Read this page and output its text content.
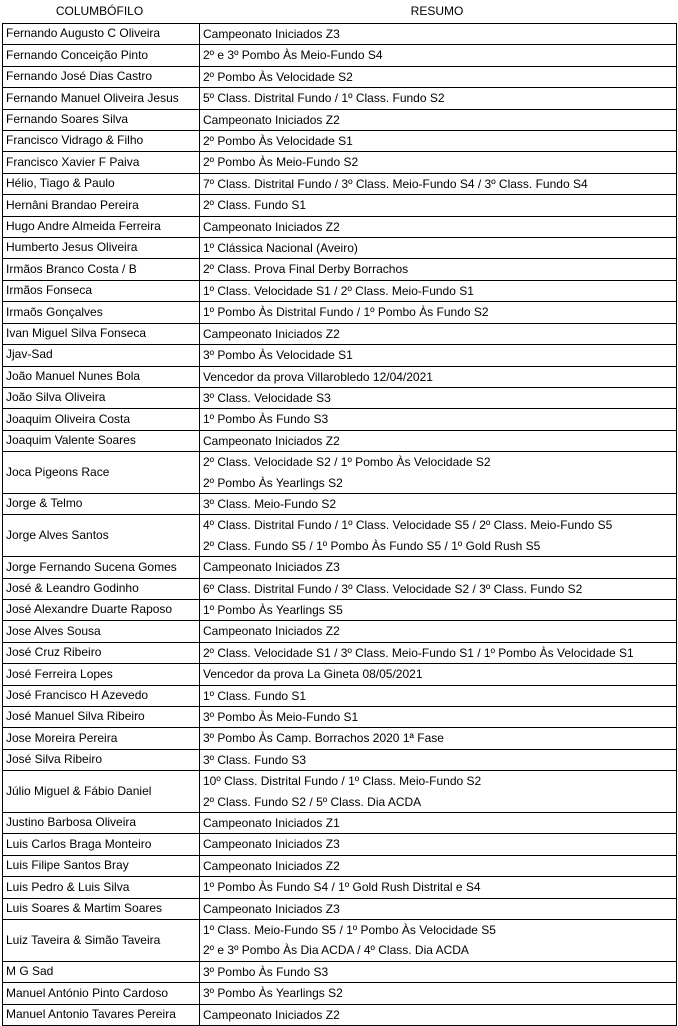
COLUMBÓFILO	RESUMO
Fernando Augusto C Oliveira	Campeonato Iniciados Z3

Fernando Conceição Pinto	2º e 3º Pombo Às Meio-Fundo S4

Fernando José Dias Castro	2º Pombo Às Velocidade S2

Fernando Manuel Oliveira Jesus	5º Class. Distrital Fundo / 1º Class. Fundo S2

Fernando Soares Silva	Campeonato Iniciados Z2

Francisco Vidrago & Filho	2º Pombo Às Velocidade S1

Francisco Xavier F Paiva	2º Pombo Às Meio-Fundo S2

Hélio, Tiago & Paulo	7º Class. Distrital Fundo / 3º Class. Meio-Fundo S4 / 3º Class. Fundo S4

Hernâni Brandao Pereira	2º Class. Fundo S1

Hugo Andre Almeida Ferreira	Campeonato Iniciados Z2

Humberto Jesus Oliveira	1º Clássica Nacional (Aveiro)

Irmãos Branco Costa / B	2º Class. Prova Final Derby Borrachos

Irmãos Fonseca	1º Class. Velocidade S1 / 2º Class. Meio-Fundo S1

Irmaõs Gonçalves	1º Pombo Às Distrital Fundo / 1º Pombo Às Fundo S2

Ivan Miguel Silva Fonseca	Campeonato Iniciados Z2

Jjav-Sad	3º Pombo Às Velocidade S1

João Manuel Nunes Bola	Vencedor da prova Villarobledo 12/04/2021

João Silva Oliveira	3º Class. Velocidade S3

Joaquim Oliveira Costa	1º Pombo Às Fundo S3

Joaquim Valente Soares	Campeonato Iniciados Z2

Joca Pigeons Race	2º Class. Velocidade S2 / 1º Pombo Às Velocidade S2
2º Pombo Às Yearlings S2

Jorge & Telmo	3º Class. Meio-Fundo S2

Jorge Alves Santos	4º Class. Distrital Fundo / 1º Class. Velocidade S5 / 2º Class. Meio-Fundo S5
2º Class. Fundo S5 / 1º Pombo Às Fundo S5 / 1º Gold Rush S5

Jorge Fernando Sucena Gomes	Campeonato Iniciados Z3

José & Leandro Godinho	6º Class. Distrital Fundo / 3º Class. Velocidade S2 / 3º Class. Fundo S2

José Alexandre Duarte Raposo	1º Pombo Às Yearlings S5

Jose Alves Sousa	Campeonato Iniciados Z2

José Cruz Ribeiro	2º Class. Velocidade S1 / 3º Class. Meio-Fundo S1 / 1º Pombo Às Velocidade S1

José Ferreira Lopes	Vencedor da prova La Gineta 08/05/2021

José Francisco H Azevedo	1º Class. Fundo S1

José Manuel Silva Ribeiro	3º Pombo Às Meio-Fundo S1

Jose Moreira Pereira	3º Pombo Às Camp. Borrachos 2020 1ª Fase

José Silva Ribeiro	3º Class. Fundo S3

Júlio Miguel & Fábio Daniel	10º Class. Distrital Fundo / 1º Class. Meio-Fundo S2
2º Class. Fundo S2 / 5º Class. Dia ACDA

Justino Barbosa Oliveira	Campeonato Iniciados Z1

Luis Carlos Braga Monteiro	Campeonato Iniciados Z3

Luis Filipe Santos Bray	Campeonato Iniciados Z2

Luis Pedro & Luis Silva	1º Pombo Às Fundo S4 / 1º Gold Rush Distrital e S4

Luis Soares & Martim Soares	Campeonato Iniciados Z3

Luiz Taveira & Simão Taveira	1º Class. Meio-Fundo S5 / 1º Pombo Às Velocidade S5
2º e 3º Pombo Às Dia ACDA / 4º Class. Dia ACDA

M G Sad	3º Pombo Às Fundo S3

Manuel António Pinto Cardoso	3º Pombo Às Yearlings S2

Manuel Antonio Tavares Pereira	Campeonato Iniciados Z2
